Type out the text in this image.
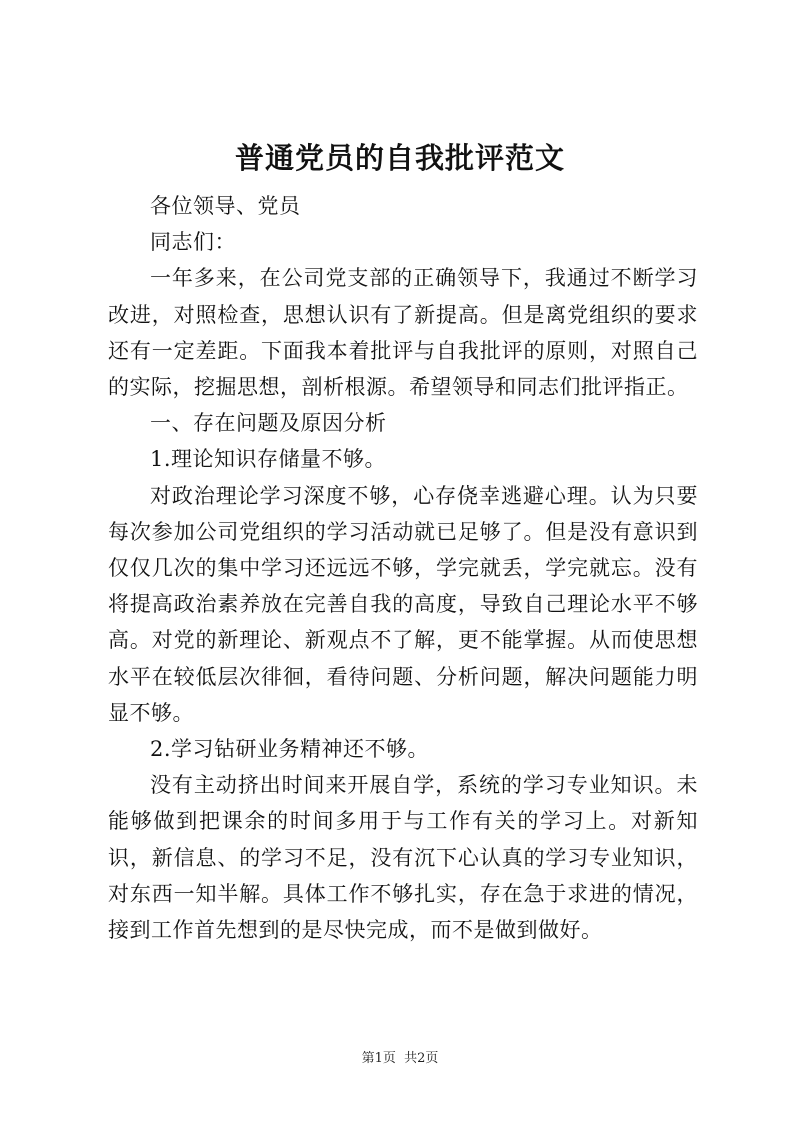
普通党员的自我批评范文

各位领导、党员

同志们：

一年多来，在公司党支部的正确领导下，我通过不断学习改进，对照检查，思想认识有了新提高。但是离党组织的要求还有一定差距。下面我本着批评与自我批评的原则，对照自己的实际，挖掘思想，剖析根源。希望领导和同志们批评指正。

一、存在问题及原因分析

1.理论知识存储量不够。

对政治理论学习深度不够，心存侥幸逃避心理。认为只要每次参加公司党组织的学习活动就已足够了。但是没有意识到仅仅几次的集中学习还远远不够，学完就丢，学完就忘。没有将提高政治素养放在完善自我的高度，导致自己理论水平不够高。对党的新理论、新观点不了解，更不能掌握。从而使思想水平在较低层次徘徊，看待问题、分析问题，解决问题能力明显不够。

2.学习钻研业务精神还不够。

没有主动挤出时间来开展自学，系统的学习专业知识。未能够做到把课余的时间多用于与工作有关的学习上。对新知识，新信息、的学习不足，没有沉下心认真的学习专业知识，对东西一知半解。具体工作不够扎实，存在急于求进的情况，接到工作首先想到的是尽快完成，而不是做到做好。

第1页 共2页
